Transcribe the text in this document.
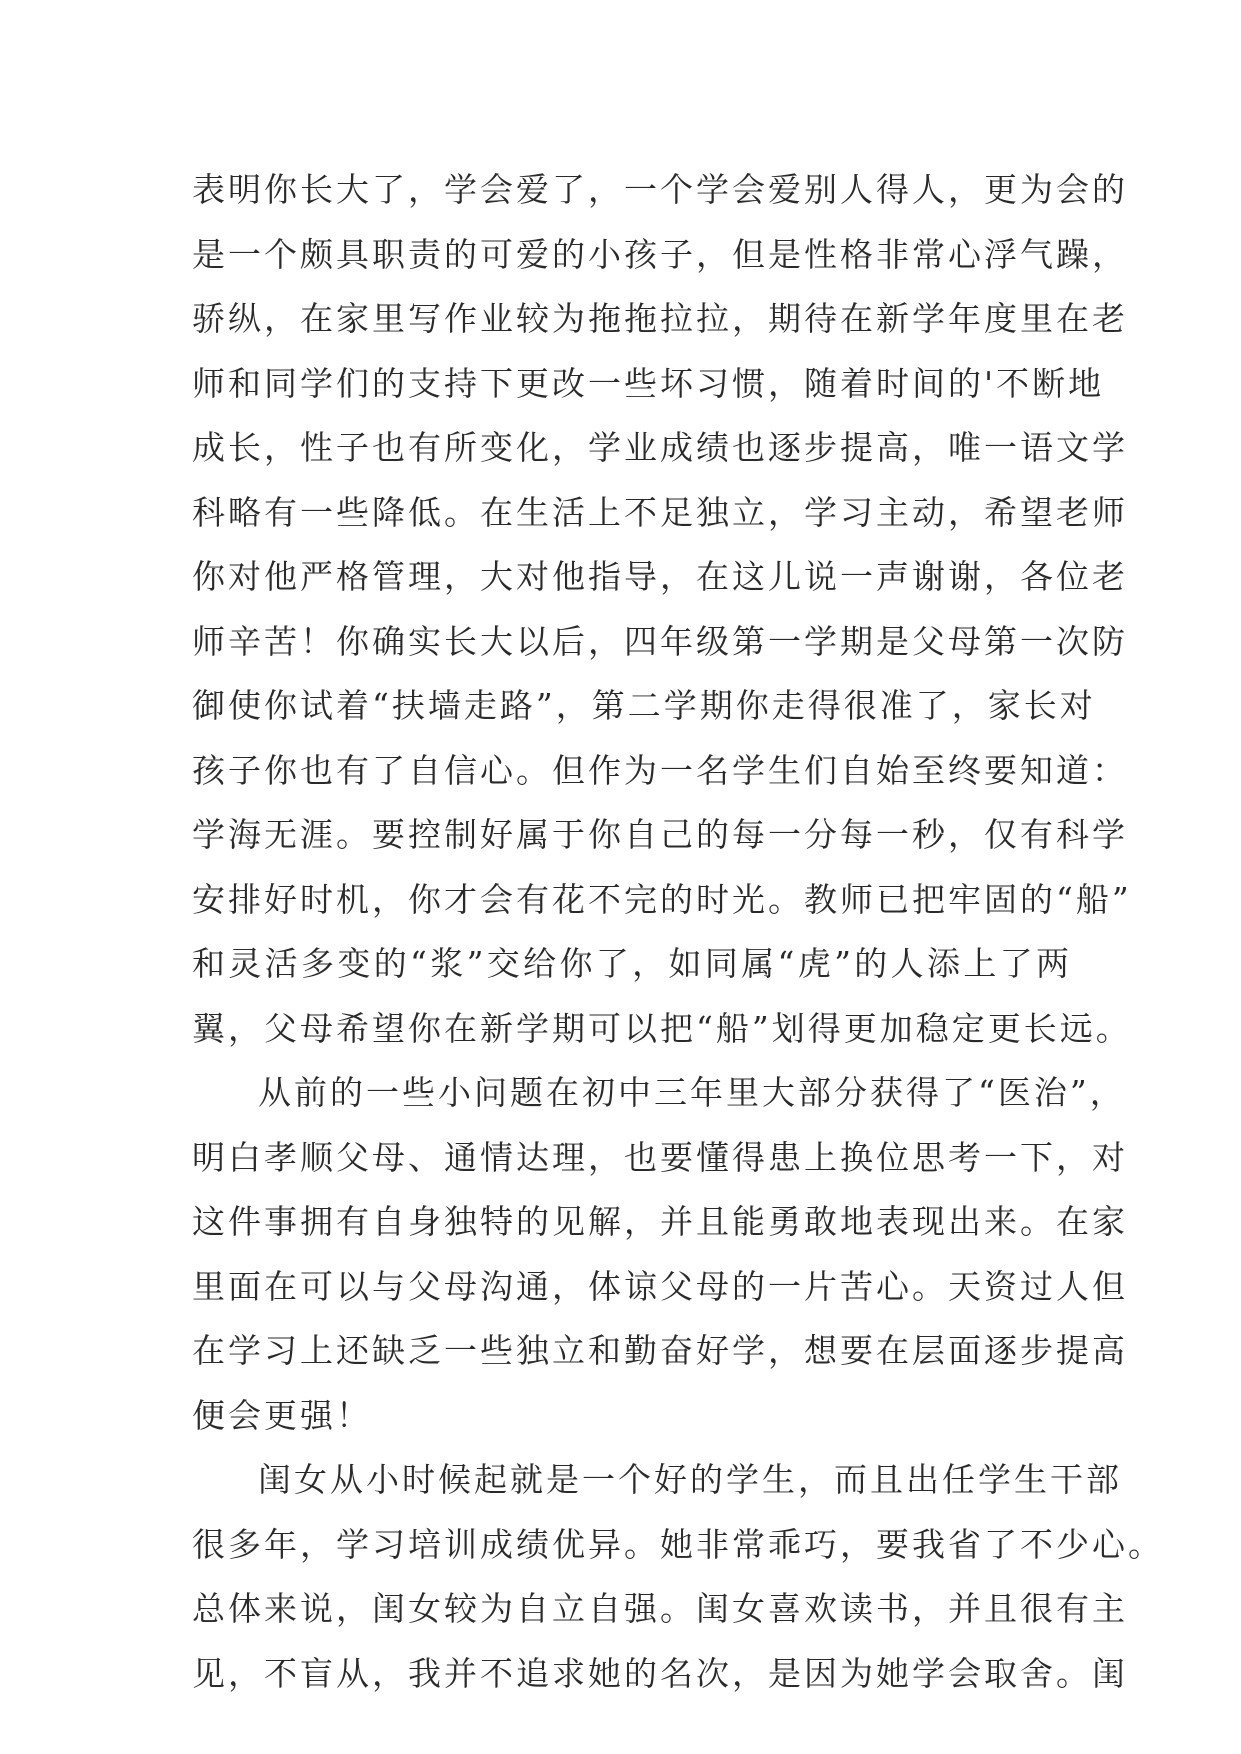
表明你长大了，学会爱了，一个学会爱别人得人，更为会的
是一个颇具职责的可爱的小孩子，但是性格非常心浮气躁，
骄纵，在家里写作业较为拖拖拉拉，期待在新学年度里在老
师和同学们的支持下更改一些坏习惯，随着时间的'不断地
成长，性子也有所变化，学业成绩也逐步提高，唯一语文学
科略有一些降低。在生活上不足独立，学习主动，希望老师
你对他严格管理，大对他指导，在这儿说一声谢谢，各位老
师辛苦！你确实长大以后，四年级第一学期是父母第一次防
御使你试着“扶墙走路”，第二学期你走得很准了，家长对
孩子你也有了自信心。但作为一名学生们自始至终要知道：
学海无涯。要控制好属于你自己的每一分每一秒，仅有科学
安排好时机，你才会有花不完的时光。教师已把牢固的“船”
和灵活多变的“浆”交给你了，如同属“虎”的人添上了两
翼，父母希望你在新学期可以把“船”划得更加稳定更长远。
从前的一些小问题在初中三年里大部分获得了“医治”，
明白孝顺父母、通情达理，也要懂得患上换位思考一下，对
这件事拥有自身独特的见解，并且能勇敢地表现出来。在家
里面在可以与父母沟通，体谅父母的一片苦心。天资过人但
在学习上还缺乏一些独立和勤奋好学，想要在层面逐步提高
便会更强！
闺女从小时候起就是一个好的学生，而且出任学生干部
很多年，学习培训成绩优异。她非常乖巧，要我省了不少心。
总体来说，闺女较为自立自强。闺女喜欢读书，并且很有主
见，不盲从，我并不追求她的名次，是因为她学会取舍。闺
